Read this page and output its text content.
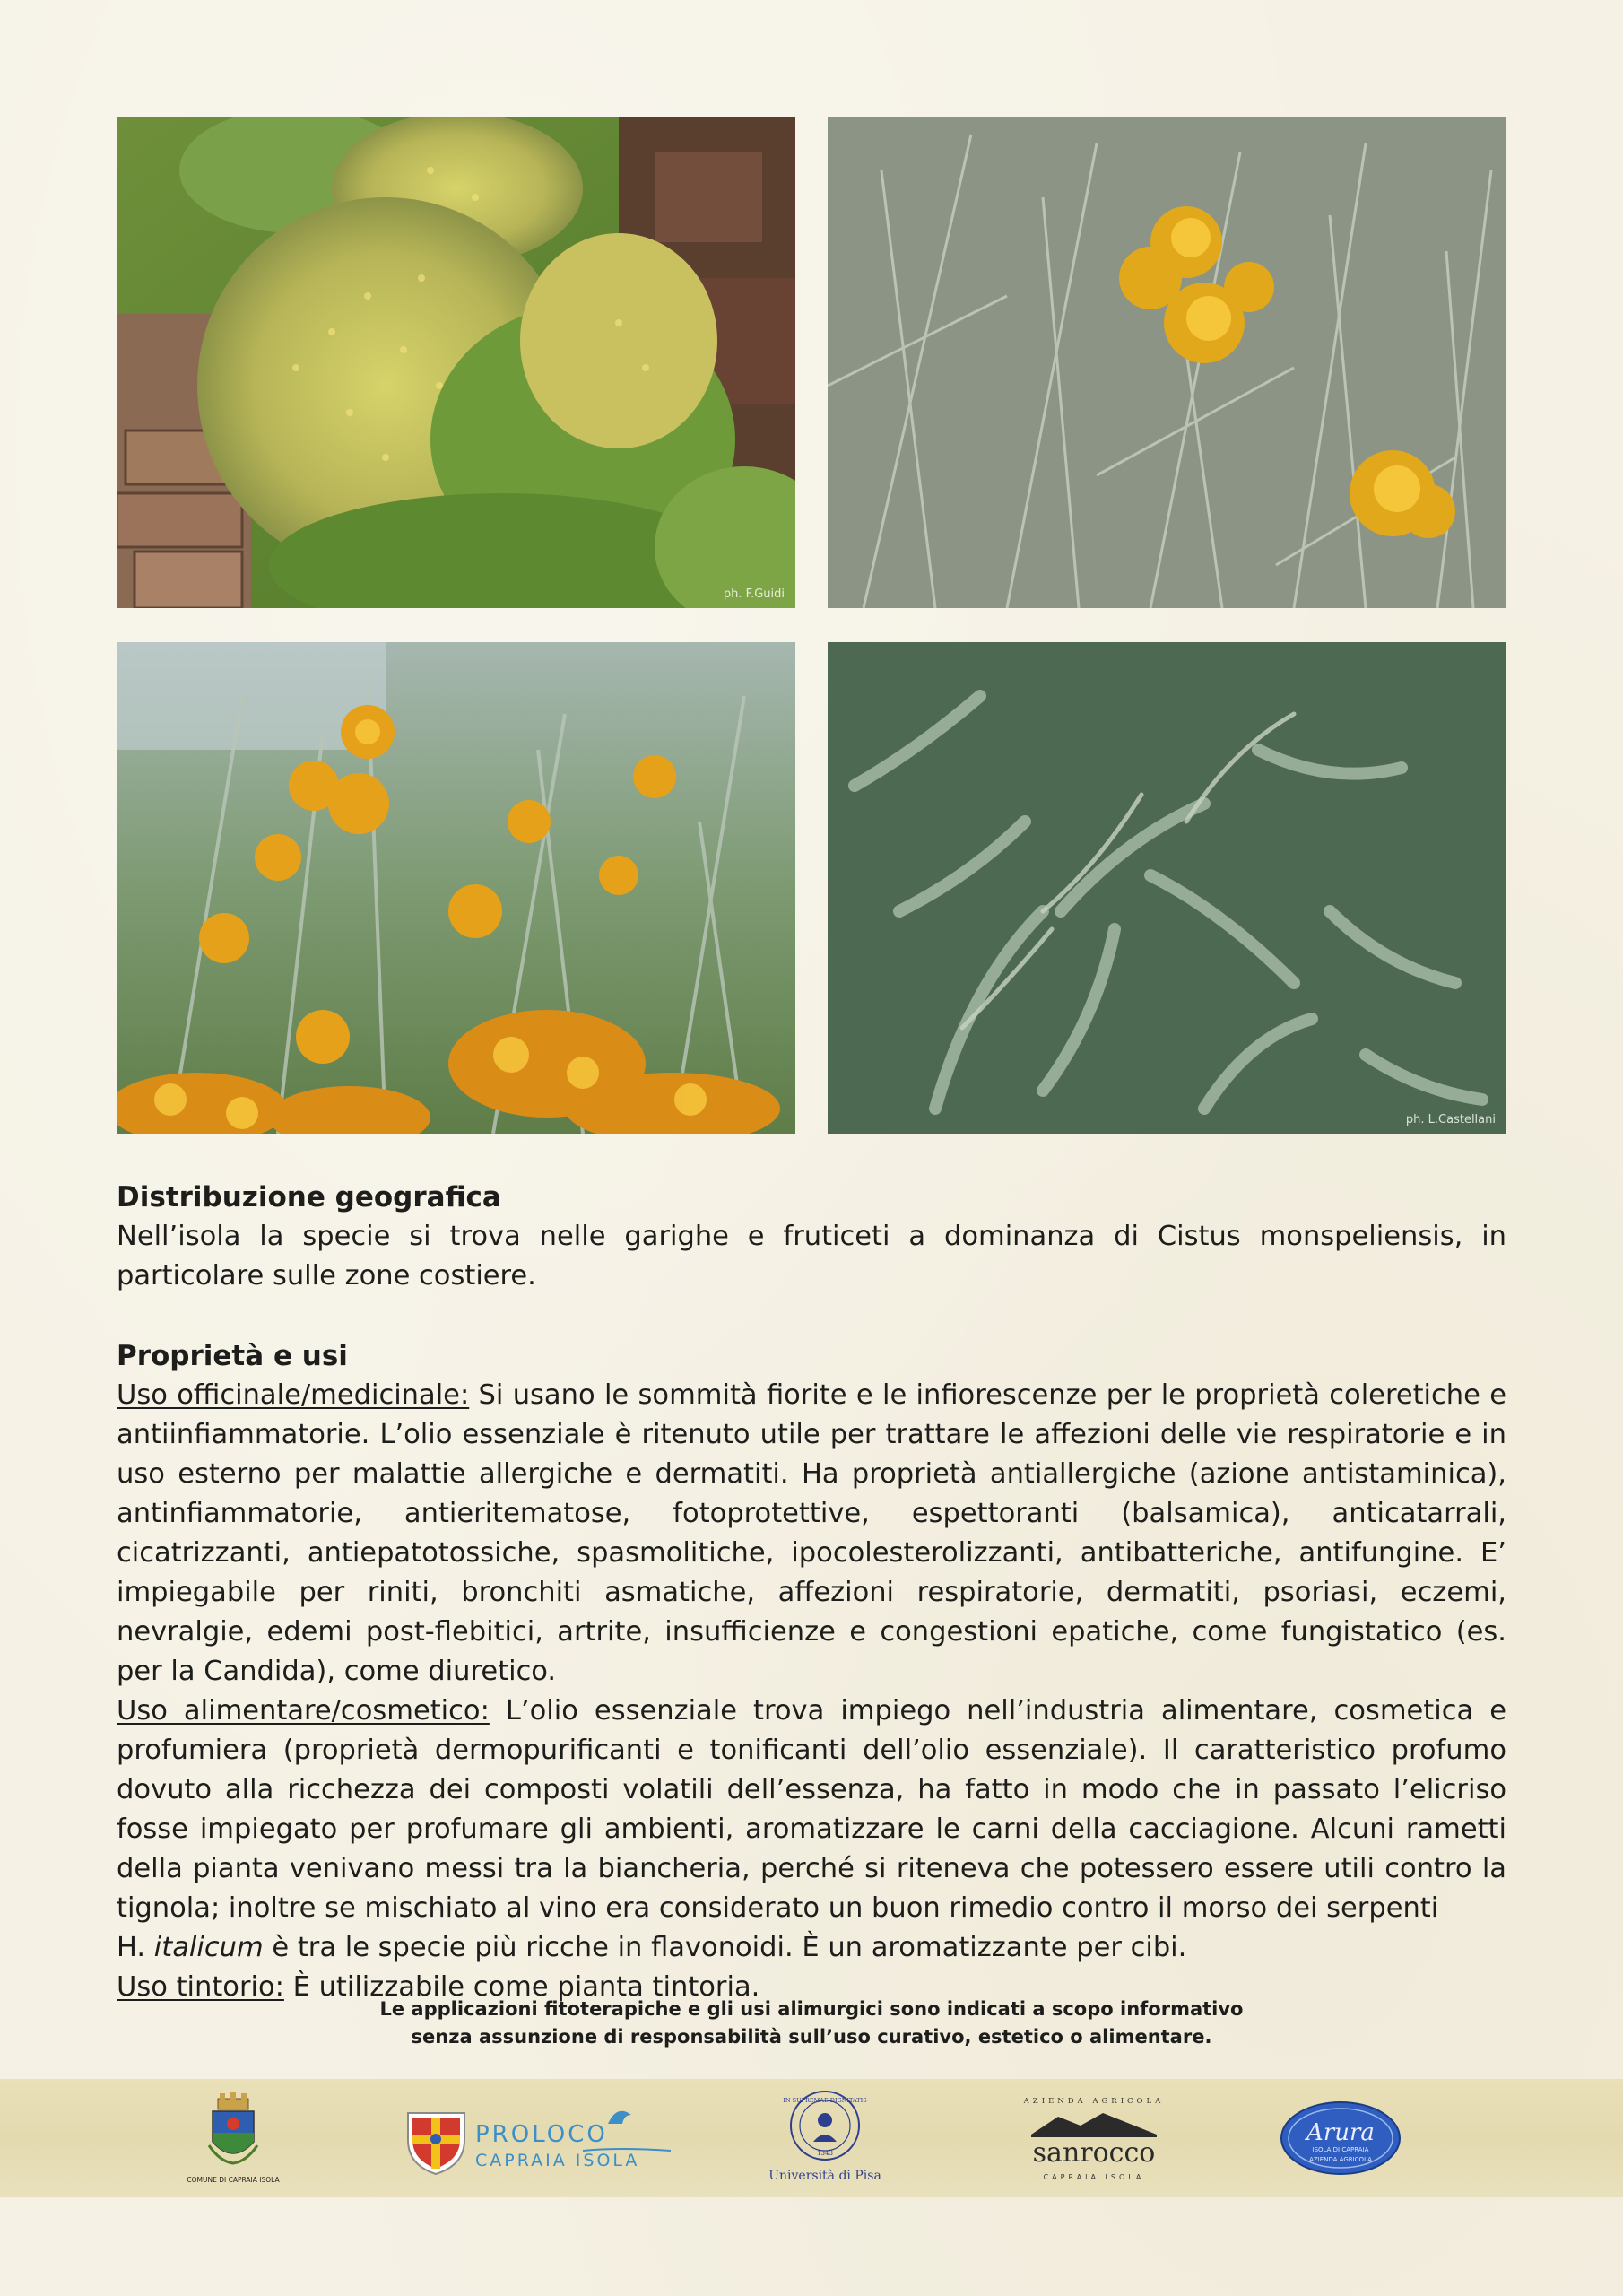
ph. F.Guidi
ph. L.Castellani

Distribuzione geografica

Nell’isola la specie si trova nelle garighe e fruticeti a dominanza di Cistus monspeliensis, in particolare sulle zone costiere.

Proprietà e usi

Uso officinale/medicinale: Si usano le sommità fiorite e le infiorescenze per le proprietà coleretiche e antiinfiammatorie. L’olio essenziale è ritenuto utile per trattare le affezioni delle vie respiratorie e in uso esterno per malattie allergiche e dermatiti. Ha proprietà antiallergiche (azione antistaminica), antinfiammatorie, antieritematose, fotoprotettive, espettoranti (balsamica), anticatarrali, cicatrizzanti, antiepatotossiche, spasmolitiche, ipocolesterolizzanti, antibatteriche, antifungine. E’ impiegabile per riniti, bronchiti asmatiche, affezioni respiratorie, dermatiti, psoriasi, eczemi, nevralgie, edemi post-flebitici, artrite, insufficienze e congestioni epatiche, come fungistatico (es. per la Candida), come diuretico.

Uso alimentare/cosmetico: L’olio essenziale trova impiego nell’industria alimentare, cosmetica e profumiera (proprietà dermopurificanti e tonificanti dell’olio essenziale). Il caratteristico profumo dovuto alla ricchezza dei composti volatili dell’essenza, ha fatto in modo che in passato l’elicriso fosse impiegato per profumare gli ambienti, aromatizzare le carni della cacciagione. Alcuni rametti della pianta venivano messi tra la biancheria, perché si riteneva che potessero essere utili contro la tignola; inoltre se mischiato al vino era considerato un buon rimedio contro il morso dei serpenti

H. italicum è tra le specie più ricche in flavonoidi. È un aromatizzante per cibi.

Uso tintorio: È utilizzabile come pianta tintoria.

Le applicazioni fitoterapiche e gli usi alimurgici sono indicati a scopo informativo
senza assunzione di responsabilità sull’uso curativo, estetico o alimentare.
COMUNE DI CAPRAIA ISOLA
PROLOCO
CAPRAIA ISOLA
IN SUPREMAE DIGNITATIS
1343
Università di Pisa
AZIENDA AGRICOLA
sanrocco
CAPRAIA ISOLA
Arura
ISOLA DI CAPRAIA
AZIENDA AGRICOLA
